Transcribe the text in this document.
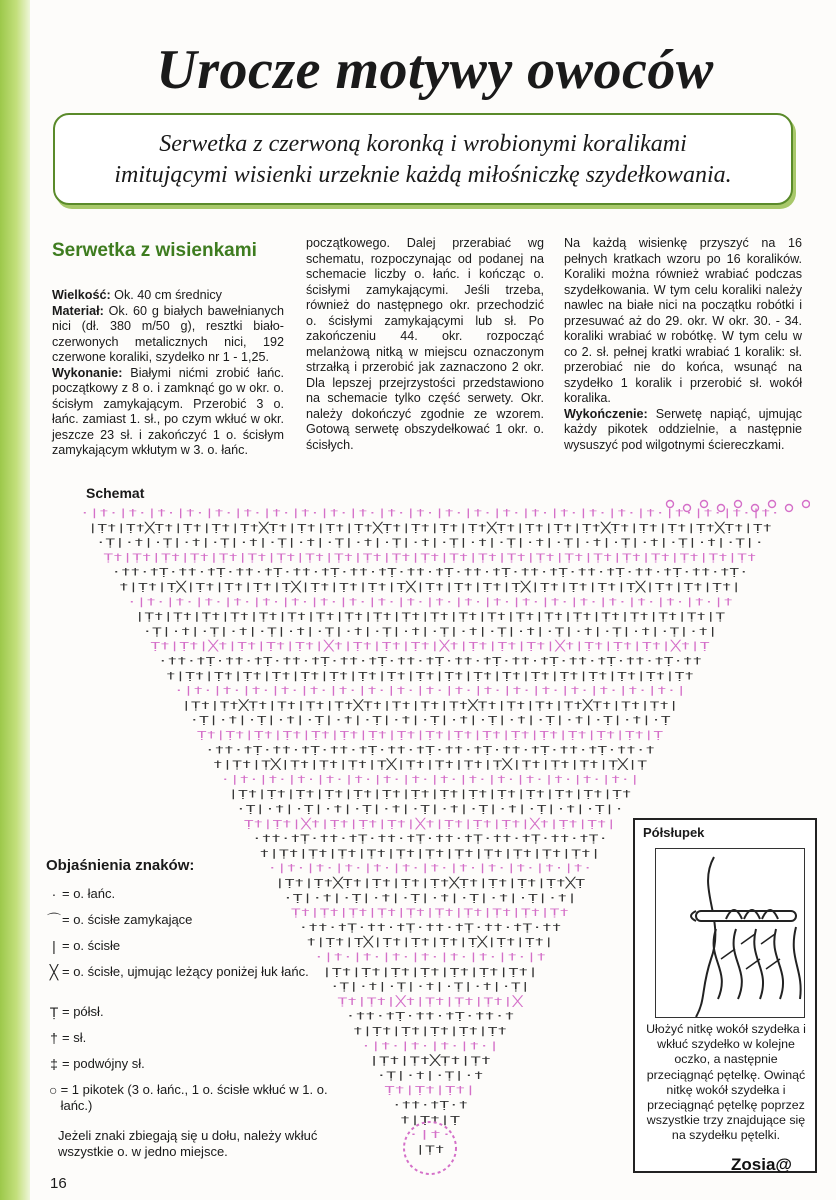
Urocze motywy owoców
Serwetka z czerwoną koronką i wrobionymi koralikami
imitującymi wisienki urzeknie każdą miłośniczkę szydełkowania.
Serwetka z wisienkami

Wielkość: Ok. 40 cm średnicy

Materiał: Ok. 60 g białych bawełnianych nici (dł. 380 m/50 g), resztki biało-czerwonych metalicznych nici, 192 czerwone koraliki, szydełko nr 1 - 1,25.

Wykonanie: Białymi nićmi zrobić łańc. początkowy z 8 o. i zamknąć go w okr. o. ścisłym zamykającym. Przerobić 3 o. łańc. zamiast 1. sł., po czym wkłuć w okr. jeszcze 23 sł. i zakończyć 1 o. ścisłym zamykającym wkłutym w 3. o. łańc.

początkowego. Dalej przerabiać wg schematu, rozpoczynając od podanej na schemacie liczby o. łańc. i kończąc o. ścisłymi zamykającymi. Jeśli trzeba, również do następnego okr. przechodzić o. ścisłymi zamykającymi lub sł. Po zakończeniu 44. okr. rozpocząć melanżową nitką w miejscu oznaczonym strzałką i przerobić jak zaznaczono 2 okr. Dla lepszej przejrzystości przedstawiono na schemacie tylko część serwety. Okr. należy dokończyć zgodnie ze wzorem. Gotową serwetę obszydełkować 1 okr. o. ścisłych.

Na każdą wisienkę przyszyć na 16 pełnych kratkach wzoru po 16 koralików. Koraliki można również wrabiać podczas szydełkowania. W tym celu koraliki należy nawlec na białe nici na początku robótki i przesuwać aż do 29. okr. W okr. 30. - 34. koraliki wrabiać w robótkę. W tym celu w co 2. sł. pełnej kratki wrabiać 1 koralik: sł. przerobiać nie do końca, wsunąć na szydełko 1 koralik i przerobić sł. wokół koralika.

Wykończenie: Serwetę napiąć, ujmując każdy pikotek oddzielnie, a następnie wysuszyć pod wilgotnymi ściereczkami.

·|†·|†·|†·|†·|†·|†·|†·|†·|†·|†·|†·|†·|†·|†·|†·|†·|†·|†·|†·|†·|†·|†·|†·|†·
|Ṭ†|Ṭ†╳Ṭ†|Ṭ†|Ṭ†|Ṭ†╳Ṭ†|Ṭ†|Ṭ†|Ṭ†╳Ṭ†|Ṭ†|Ṭ†|Ṭ†╳Ṭ†|Ṭ†|Ṭ†|Ṭ†╳Ṭ†|Ṭ†|Ṭ†|Ṭ†╳Ṭ†|Ṭ†
·Ṭ|·†|·Ṭ|·†|·Ṭ|·†|·Ṭ|·†|·Ṭ|·†|·Ṭ|·†|·Ṭ|·†|·Ṭ|·†|·Ṭ|·†|·Ṭ|·†|·Ṭ|·†|·Ṭ|·
Ṭ†|Ṭ†|Ṭ†|Ṭ†|Ṭ†|Ṭ†|Ṭ†|Ṭ†|Ṭ†|Ṭ†|Ṭ†|Ṭ†|Ṭ†|Ṭ†|Ṭ†|Ṭ†|Ṭ†|Ṭ†|Ṭ†|Ṭ†|Ṭ†|Ṭ†|Ṭ†
·††·†Ṭ·††·†Ṭ·††·†Ṭ·††·†Ṭ·††·†Ṭ·††·†Ṭ·††·†Ṭ·††·†Ṭ·††·†Ṭ·††·†Ṭ·††·†Ṭ·
†|Ṭ†|Ṭ╳|Ṭ†|Ṭ†|Ṭ†|Ṭ╳|Ṭ†|Ṭ†|Ṭ†|Ṭ╳|Ṭ†|Ṭ†|Ṭ†|Ṭ╳|Ṭ†|Ṭ†|Ṭ†|Ṭ╳|Ṭ†|Ṭ†|Ṭ†|
·|†·|†·|†·|†·|†·|†·|†·|†·|†·|†·|†·|†·|†·|†·|†·|†·|†·|†·|†·|†·|†
|Ṭ†|Ṭ†|Ṭ†|Ṭ†|Ṭ†|Ṭ†|Ṭ†|Ṭ†|Ṭ†|Ṭ†|Ṭ†|Ṭ†|Ṭ†|Ṭ†|Ṭ†|Ṭ†|Ṭ†|Ṭ†|Ṭ†|Ṭ†|Ṭ
·Ṭ|·†|·Ṭ|·†|·Ṭ|·†|·Ṭ|·†|·Ṭ|·†|·Ṭ|·†|·Ṭ|·†|·Ṭ|·†|·Ṭ|·†|·Ṭ|·†|
Ṭ†|Ṭ†|╳†|Ṭ†|Ṭ†|Ṭ†|╳†|Ṭ†|Ṭ†|Ṭ†|╳†|Ṭ†|Ṭ†|Ṭ†|╳†|Ṭ†|Ṭ†|Ṭ†|╳†|Ṭ
·††·†Ṭ·††·†Ṭ·††·†Ṭ·††·†Ṭ·††·†Ṭ·††·†Ṭ·††·†Ṭ·††·†Ṭ·††·†Ṭ·††
†|Ṭ†|Ṭ†|Ṭ†|Ṭ†|Ṭ†|Ṭ†|Ṭ†|Ṭ†|Ṭ†|Ṭ†|Ṭ†|Ṭ†|Ṭ†|Ṭ†|Ṭ†|Ṭ†|Ṭ†|Ṭ†
·|†·|†·|†·|†·|†·|†·|†·|†·|†·|†·|†·|†·|†·|†·|†·|†·|†·|
|Ṭ†|Ṭ†╳Ṭ†|Ṭ†|Ṭ†|Ṭ†╳Ṭ†|Ṭ†|Ṭ†|Ṭ†╳Ṭ†|Ṭ†|Ṭ†|Ṭ†╳Ṭ†|Ṭ†|Ṭ†|
·Ṭ|·†|·Ṭ|·†|·Ṭ|·†|·Ṭ|·†|·Ṭ|·†|·Ṭ|·†|·Ṭ|·†|·Ṭ|·†|·Ṭ
Ṭ†|Ṭ†|Ṭ†|Ṭ†|Ṭ†|Ṭ†|Ṭ†|Ṭ†|Ṭ†|Ṭ†|Ṭ†|Ṭ†|Ṭ†|Ṭ†|Ṭ†|Ṭ†|Ṭ
·††·†Ṭ·††·†Ṭ·††·†Ṭ·††·†Ṭ·††·†Ṭ·††·†Ṭ·††·†Ṭ·††·†
†|Ṭ†|Ṭ╳|Ṭ†|Ṭ†|Ṭ†|Ṭ╳|Ṭ†|Ṭ†|Ṭ†|Ṭ╳|Ṭ†|Ṭ†|Ṭ†|Ṭ╳|Ṭ
·|†·|†·|†·|†·|†·|†·|†·|†·|†·|†·|†·|†·|†·|†·|
|Ṭ†|Ṭ†|Ṭ†|Ṭ†|Ṭ†|Ṭ†|Ṭ†|Ṭ†|Ṭ†|Ṭ†|Ṭ†|Ṭ†|Ṭ†|Ṭ†
·Ṭ|·†|·Ṭ|·†|·Ṭ|·†|·Ṭ|·†|·Ṭ|·†|·Ṭ|·†|·Ṭ|·
Ṭ†|Ṭ†|╳†|Ṭ†|Ṭ†|Ṭ†|╳†|Ṭ†|Ṭ†|Ṭ†|╳†|Ṭ†|Ṭ†|
·††·†Ṭ·††·†Ṭ·††·†Ṭ·††·†Ṭ·††·†Ṭ·††·†Ṭ·
†|Ṭ†|Ṭ†|Ṭ†|Ṭ†|Ṭ†|Ṭ†|Ṭ†|Ṭ†|Ṭ†|Ṭ†|Ṭ†|
·|†·|†·|†·|†·|†·|†·|†·|†·|†·|†·|†·
|Ṭ†|Ṭ†╳Ṭ†|Ṭ†|Ṭ†|Ṭ†╳Ṭ†|Ṭ†|Ṭ†|Ṭ†╳Ṭ
·Ṭ|·†|·Ṭ|·†|·Ṭ|·†|·Ṭ|·†|·Ṭ|·†|
Ṭ†|Ṭ†|Ṭ†|Ṭ†|Ṭ†|Ṭ†|Ṭ†|Ṭ†|Ṭ†|Ṭ†
·††·†Ṭ·††·†Ṭ·††·†Ṭ·††·†Ṭ·††
†|Ṭ†|Ṭ╳|Ṭ†|Ṭ†|Ṭ†|Ṭ╳|Ṭ†|Ṭ†|
·|†·|†·|†·|†·|†·|†·|†·|†
|Ṭ†|Ṭ†|Ṭ†|Ṭ†|Ṭ†|Ṭ†|Ṭ†|
·Ṭ|·†|·Ṭ|·†|·Ṭ|·†|·Ṭ|
Ṭ†|Ṭ†|╳†|Ṭ†|Ṭ†|Ṭ†|╳
·††·†Ṭ·††·†Ṭ·††·†
†|Ṭ†|Ṭ†|Ṭ†|Ṭ†|Ṭ†
·|†·|†·|†·|†·|
|Ṭ†|Ṭ†╳Ṭ†|Ṭ†
·Ṭ|·†|·Ṭ|·†
Ṭ†|Ṭ†|Ṭ†|
·††·†Ṭ·†
†|Ṭ†|Ṭ
·|†·
|Ṭ†
Schemat
Objaśnienia znaków:
· = o. łańc.
⌒ = o. ścisłe zamykające
| = o. ścisłe
╳ = o. ścisłe, ujmując leżący poniżej łuk łańc.
Ṭ = półsł.
† = sł.
‡ = podwójny sł.
○ = 1 pikotek (3 o. łańc., 1 o. ścisłe wkłuć w 1. o. łańc.)
Jeżeli znaki zbiegają się u dołu, należy wkłuć wszystkie o. w jedno miejsce.
16
Półsłupek
Ułożyć nitkę wokół szydełka i wkłuć szydełko w kolejne oczko, a następnie przeciągnąć pętelkę. Owinąć nitkę wokół szydełka i przeciągnąć pętelkę poprzez wszystkie trzy znajdujące się na szydełku pętelki.
Zosia@
